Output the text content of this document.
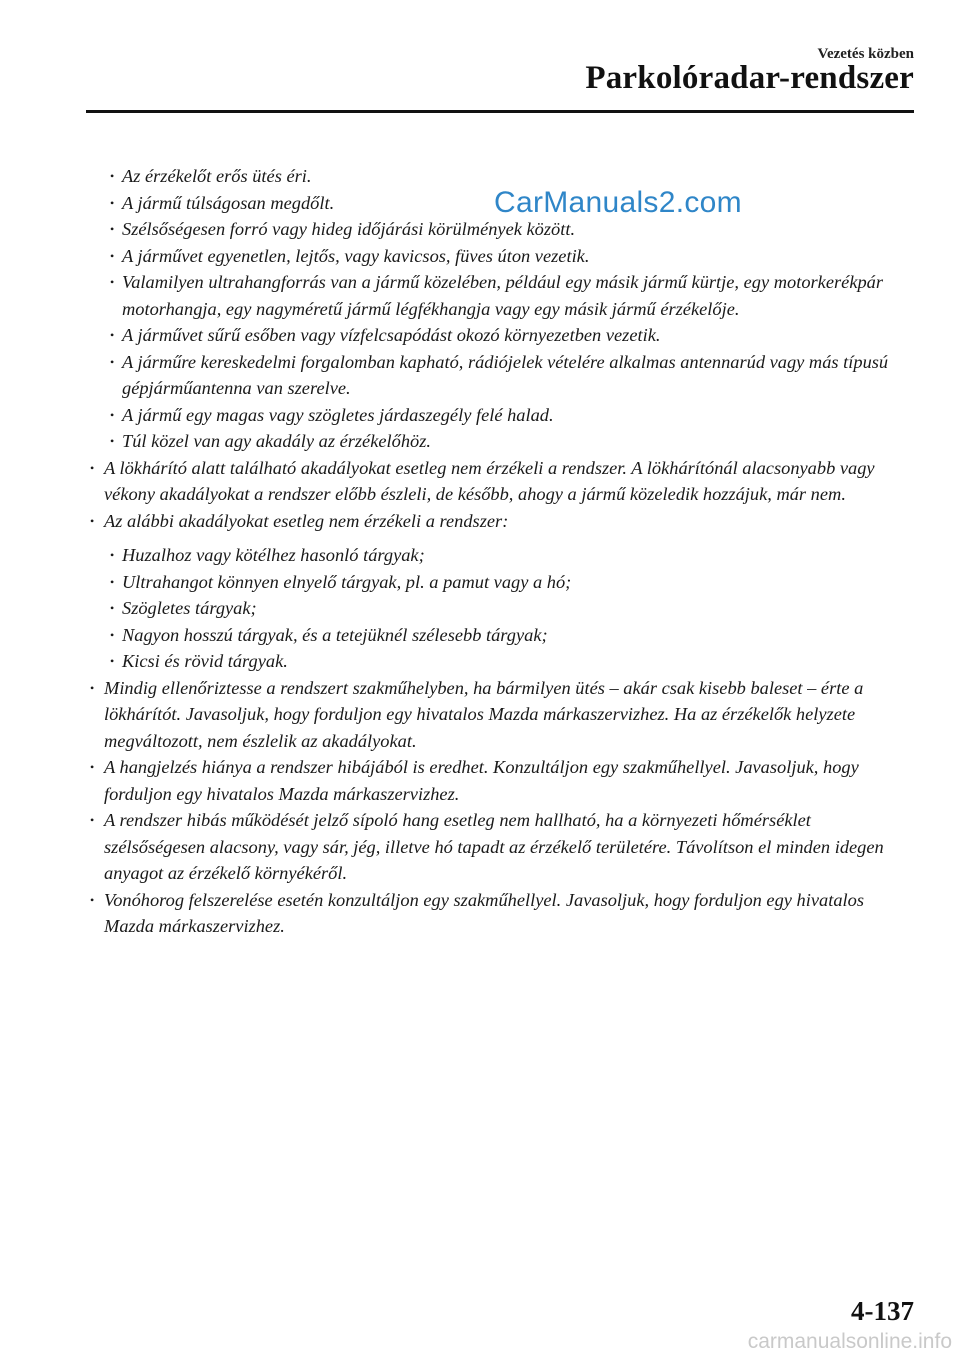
Vezetés közben
Parkolóradar-rendszer
CarManuals2.com
• Az érzékelőt erős ütés éri.
• A jármű túlságosan megdőlt.
• Szélsőségesen forró vagy hideg időjárási körülmények között.
• A járművet egyenetlen, lejtős, vagy kavicsos, füves úton vezetik.
• Valamilyen ultrahangforrás van a jármű közelében, például egy másik jármű kürtje, egy motorkerékpár motorhangja, egy nagyméretű jármű légfékhangja vagy egy másik jármű érzékelője.
• A járművet sűrű esőben vagy vízfelcsapódást okozó környezetben vezetik.
• A járműre kereskedelmi forgalomban kapható, rádiójelek vételére alkalmas antennarúd vagy más típusú gépjárműantenna van szerelve.
• A jármű egy magas vagy szögletes járdaszegély felé halad.
• Túl közel van agy akadály az érzékelőhöz.
• A lökhárító alatt található akadályokat esetleg nem érzékeli a rendszer. A lökhárítónál alacsonyabb vagy vékony akadályokat a rendszer előbb észleli, de később, ahogy a jármű közeledik hozzájuk, már nem.
• Az alábbi akadályokat esetleg nem érzékeli a rendszer:
• Huzalhoz vagy kötélhez hasonló tárgyak;
• Ultrahangot könnyen elnyelő tárgyak, pl. a pamut vagy a hó;
• Szögletes tárgyak;
• Nagyon hosszú tárgyak, és a tetejüknél szélesebb tárgyak;
• Kicsi és rövid tárgyak.
• Mindig ellenőriztesse a rendszert szakműhelyben, ha bármilyen ütés – akár csak kisebb baleset – érte a lökhárítót. Javasoljuk, hogy forduljon egy hivatalos Mazda márkaszervizhez. Ha az érzékelők helyzete megváltozott, nem észlelik az akadályokat.
• A hangjelzés hiánya a rendszer hibájából is eredhet. Konzultáljon egy szakműhellyel. Javasoljuk, hogy forduljon egy hivatalos Mazda márkaszervizhez.
• A rendszer hibás működését jelző sípoló hang esetleg nem hallható, ha a környezeti hőmérséklet szélsőségesen alacsony, vagy sár, jég, illetve hó tapadt az érzékelő területére. Távolítson el minden idegen anyagot az érzékelő környékéről.
• Vonóhorog felszerelése esetén konzultáljon egy szakműhellyel. Javasoljuk, hogy forduljon egy hivatalos Mazda márkaszervizhez.
4-137
carmanualsonline.info
